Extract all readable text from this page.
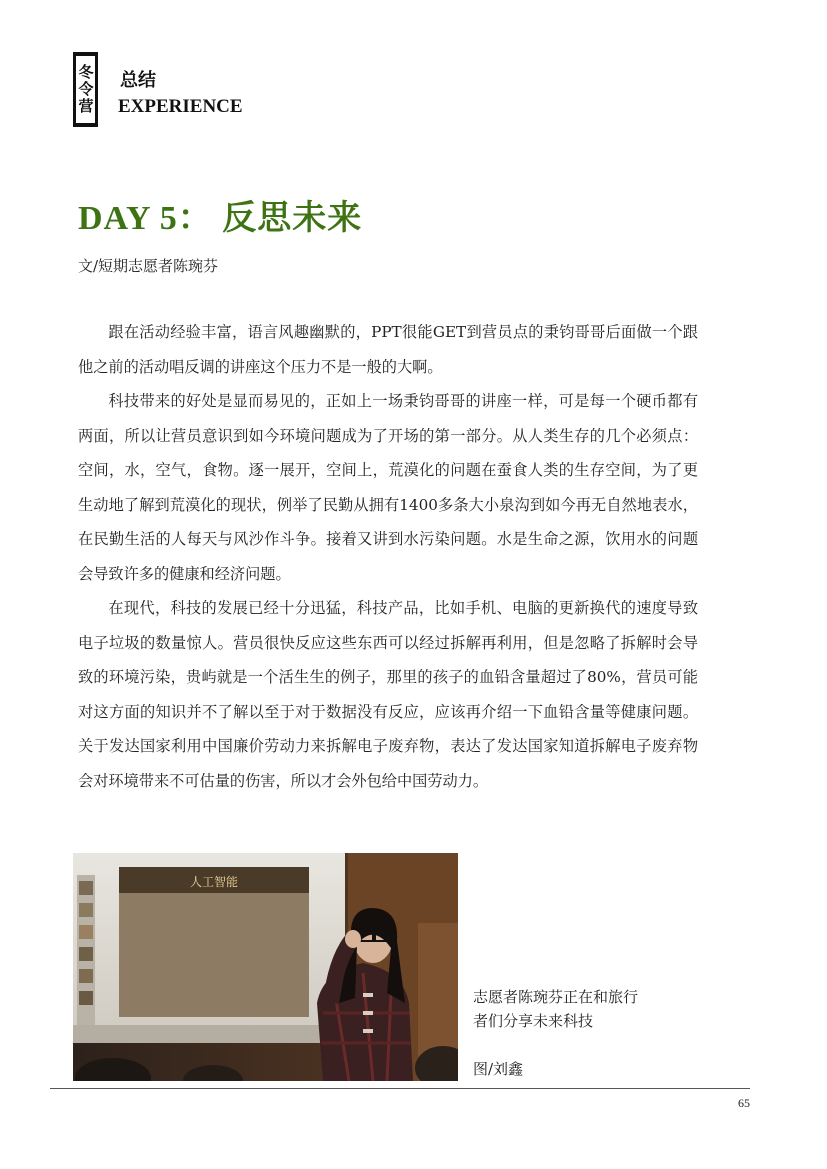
冬
令
营
总结
EXPERIENCE
DAY 5： 反思未来
文/短期志愿者陈琬芬

跟在活动经验丰富，语言风趣幽默的，PPT很能GET到营员点的秉钧哥哥后面做一个跟他之前的活动唱反调的讲座这个压力不是一般的大啊。

科技带来的好处是显而易见的，正如上一场秉钧哥哥的讲座一样，可是每一个硬币都有两面，所以让营员意识到如今环境问题成为了开场的第一部分。从人类生存的几个必须点：空间，水，空气，食物。逐一展开，空间上，荒漠化的问题在蚕食人类的生存空间，为了更生动地了解到荒漠化的现状，例举了民勤从拥有1400多条大小泉沟到如今再无自然地表水，在民勤生活的人每天与风沙作斗争。接着又讲到水污染问题。水是生命之源，饮用水的问题会导致许多的健康和经济问题。

在现代，科技的发展已经十分迅猛，科技产品，比如手机、电脑的更新换代的速度导致电子垃圾的数量惊人。营员很快反应这些东西可以经过拆解再利用，但是忽略了拆解时会导致的环境污染，贵屿就是一个活生生的例子，那里的孩子的血铅含量超过了80%，营员可能对这方面的知识并不了解以至于对于数据没有反应，应该再介绍一下血铅含量等健康问题。关于发达国家利用中国廉价劳动力来拆解电子废弃物，表达了发达国家知道拆解电子废弃物会对环境带来不可估量的伤害，所以才会外包给中国劳动力。

人工智能
志愿者陈琬芬正在和旅行
者们分享未来科技
图/刘鑫
65
